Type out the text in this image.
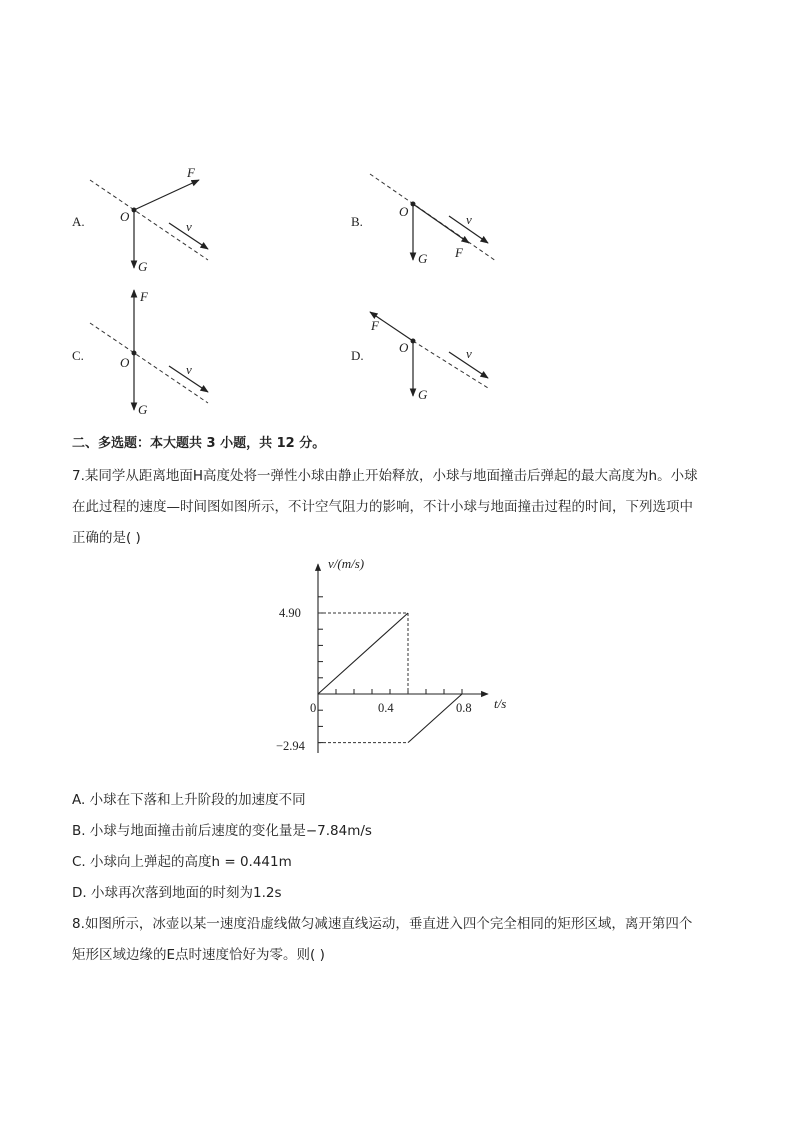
A.
F
O
G
v	B.
F
O
G
v
C.
F
O
G
v
D.
F
O
G
v
二、多选题：本大题共 3 小题，共 12 分。
7.某同学从距离地面H高度处将一弹性小球由静止开始释放，小球与地面撞击后弹起的最大高度为h。小球
在此过程的速度—时间图如图所示，不计空气阻力的影响，不计小球与地面撞击过程的时间，下列选项中
正确的是( )
v/(m/s)
t/s
0	0.4	0.8
4.90
−2.94
A. 小球在下落和上升阶段的加速度不同
B. 小球与地面撞击前后速度的变化量是−7.84m/s
C. 小球向上弹起的高度h = 0.441m
D. 小球再次落到地面的时刻为1.2s
8.如图所示，冰壶以某一速度沿虚线做匀减速直线运动，垂直进入四个完全相同的矩形区域，离开第四个
矩形区域边缘的E点时速度恰好为零。则( )
